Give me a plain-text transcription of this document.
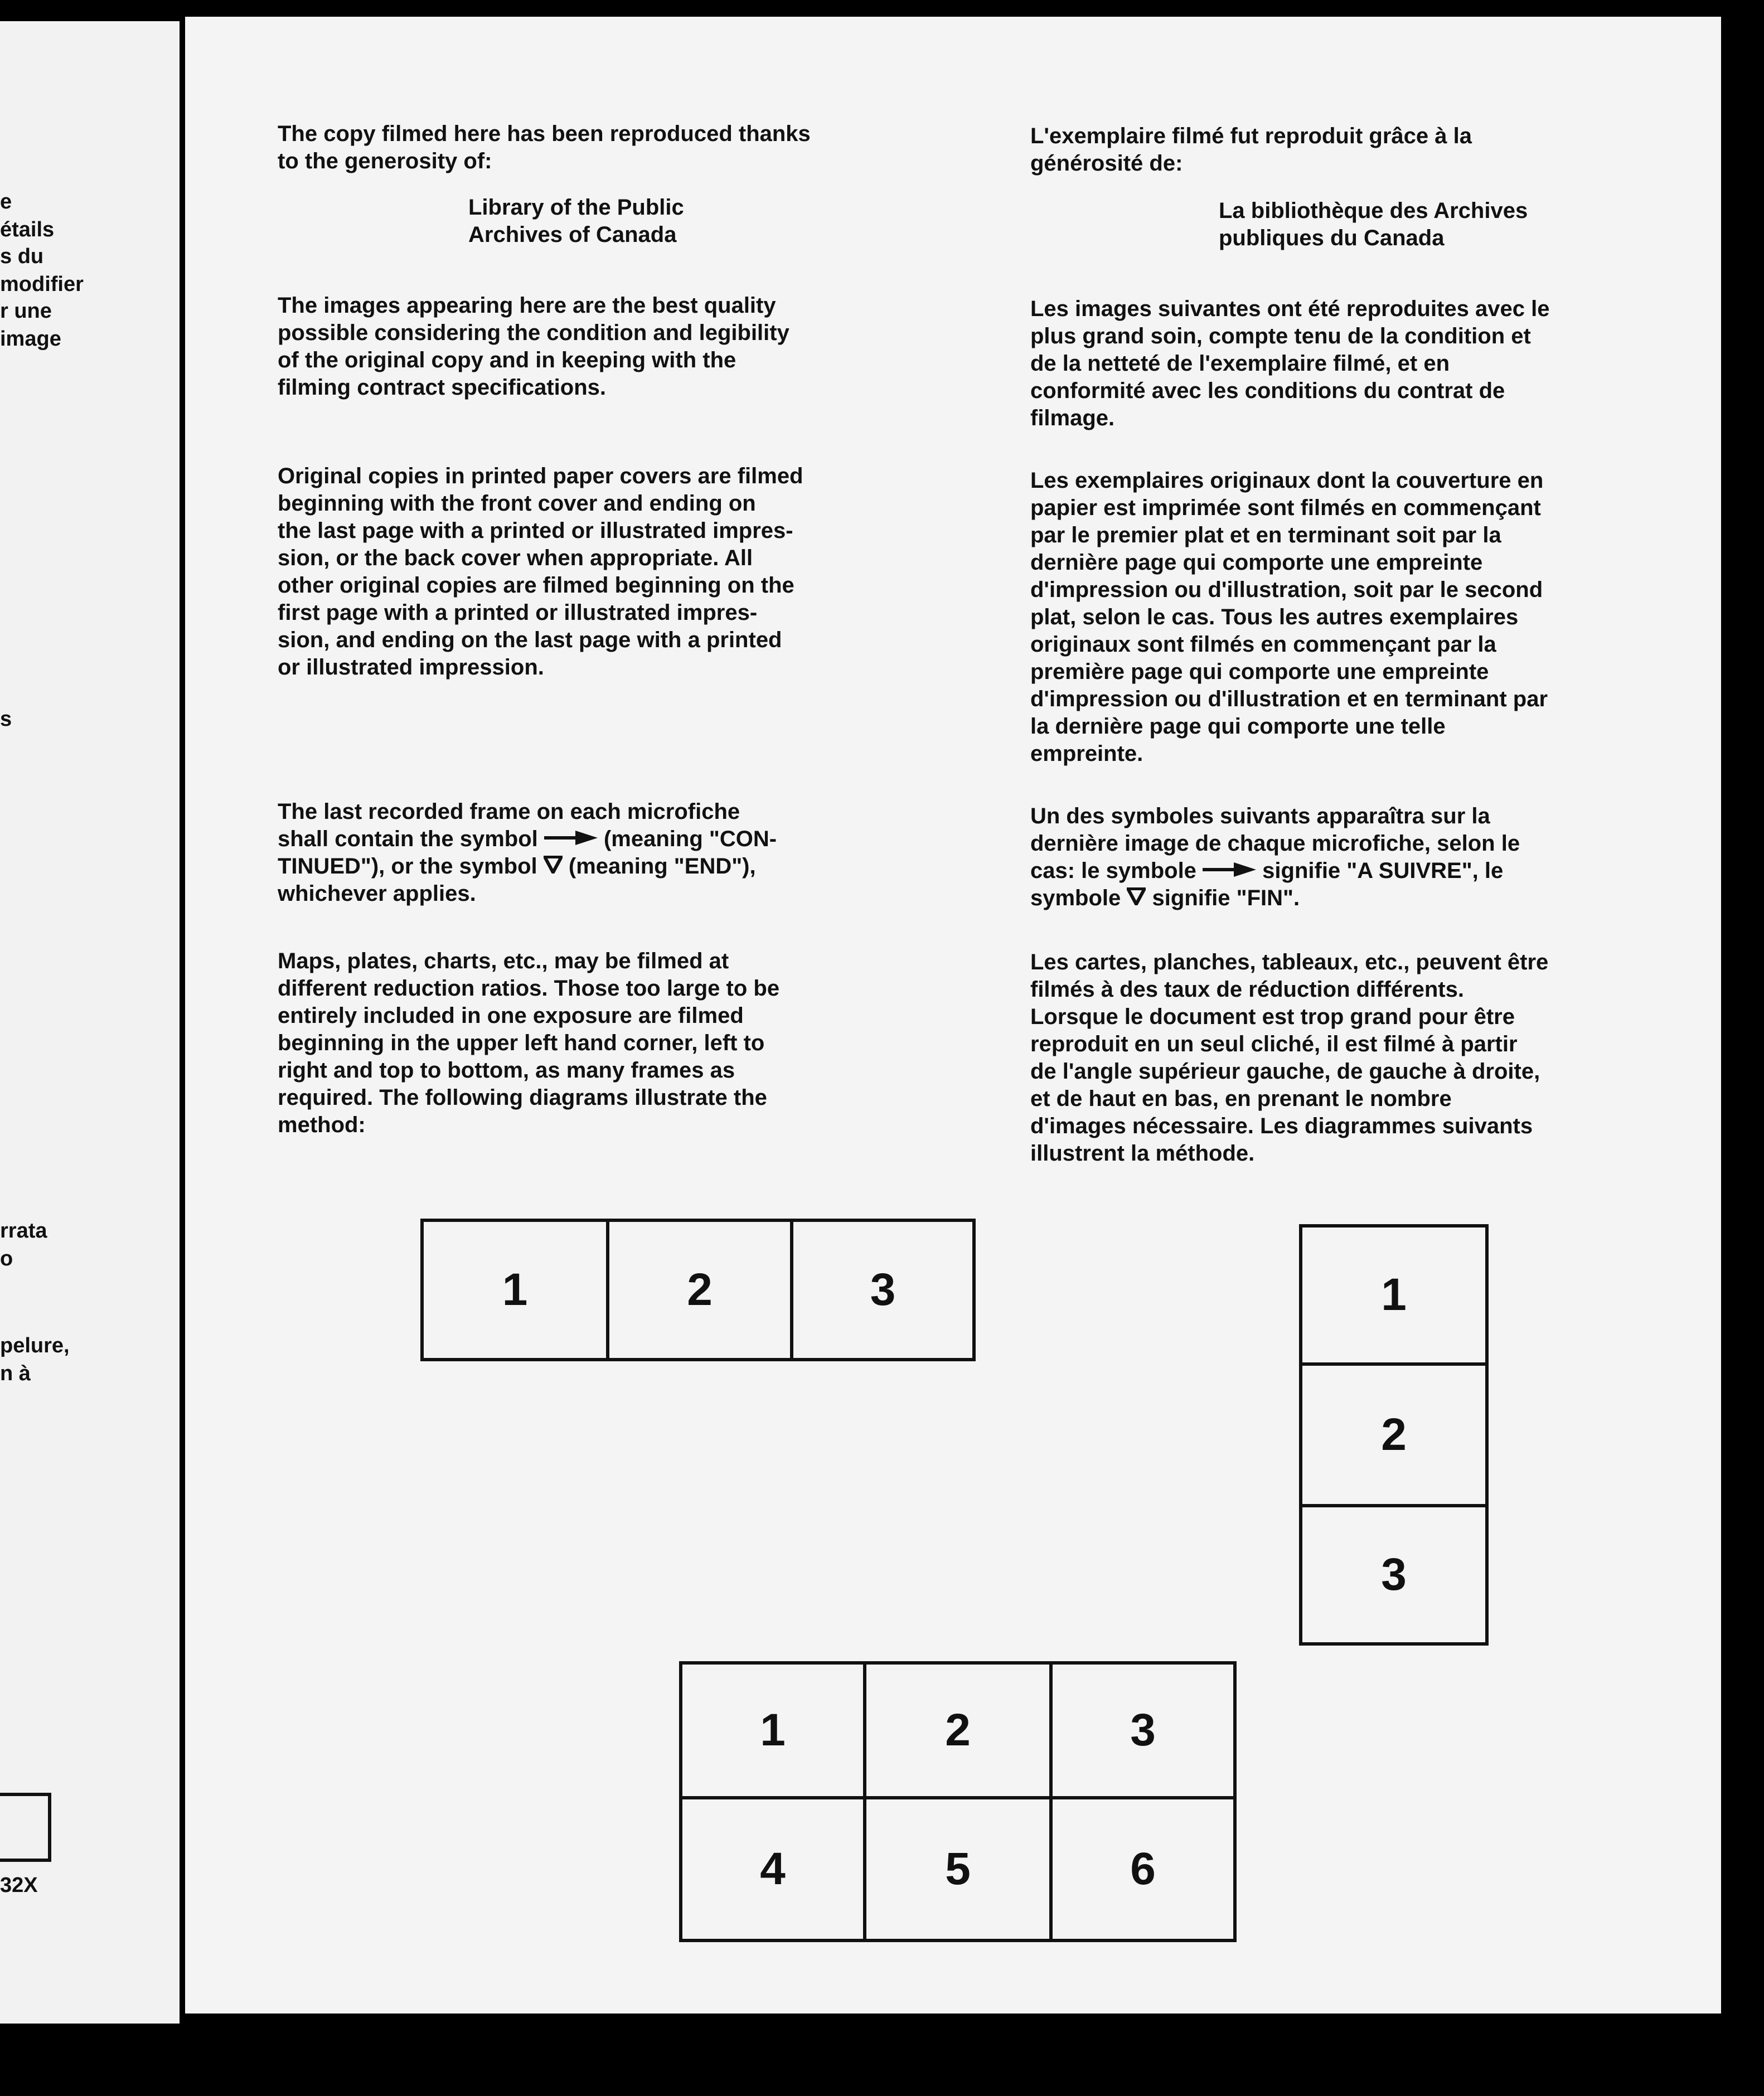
e
étails
s du
modifier
r une
image
s
rrata
o
pelure,
n à
32X

The copy filmed here has been reproduced thanks
to the generosity of:

Library of the Public
Archives of Canada

The images appearing here are the best quality
possible considering the condition and legibility
of the original copy and in keeping with the
filming contract specifications.

Original copies in printed paper covers are filmed
beginning with the front cover and ending on
the last page with a printed or illustrated impres-
sion, or the back cover when appropriate. All
other original copies are filmed beginning on the
first page with a printed or illustrated impres-
sion, and ending on the last page with a printed
or illustrated impression.

The last recorded frame on each microfiche
shall contain the symbol	(meaning "CON-
TINUED"), or the symbol  (meaning "END"),
whichever applies.

Maps, plates, charts, etc., may be filmed at
different reduction ratios. Those too large to be
entirely included in one exposure are filmed
beginning in the upper left hand corner, left to
right and top to bottom, as many frames as
required. The following diagrams illustrate the
method:

L'exemplaire filmé fut reproduit grâce à la
générosité de:

La bibliothèque des Archives
publiques du Canada

Les images suivantes ont été reproduites avec le
plus grand soin, compte tenu de la condition et
de la netteté de l'exemplaire filmé, et en
conformité avec les conditions du contrat de
filmage.

Les exemplaires originaux dont la couverture en
papier est imprimée sont filmés en commençant
par le premier plat et en terminant soit par la
dernière page qui comporte une empreinte
d'impression ou d'illustration, soit par le second
plat, selon le cas. Tous les autres exemplaires
originaux sont filmés en commençant par la
première page qui comporte une empreinte
d'impression ou d'illustration et en terminant par
la dernière page qui comporte une telle
empreinte.

Un des symboles suivants apparaîtra sur la
dernière image de chaque microfiche, selon le
cas: le symbole	signifie "A SUIVRE", le
symbole  signifie "FIN".

Les cartes, planches, tableaux, etc., peuvent être
filmés à des taux de réduction différents.
Lorsque le document est trop grand pour être
reproduit en un seul cliché, il est filmé à partir
de l'angle supérieur gauche, de gauche à droite,
et de haut en bas, en prenant le nombre
d'images nécessaire. Les diagrammes suivants
illustrent la méthode.

1	2	3	1
2
3
1	2	3
4	5	6
